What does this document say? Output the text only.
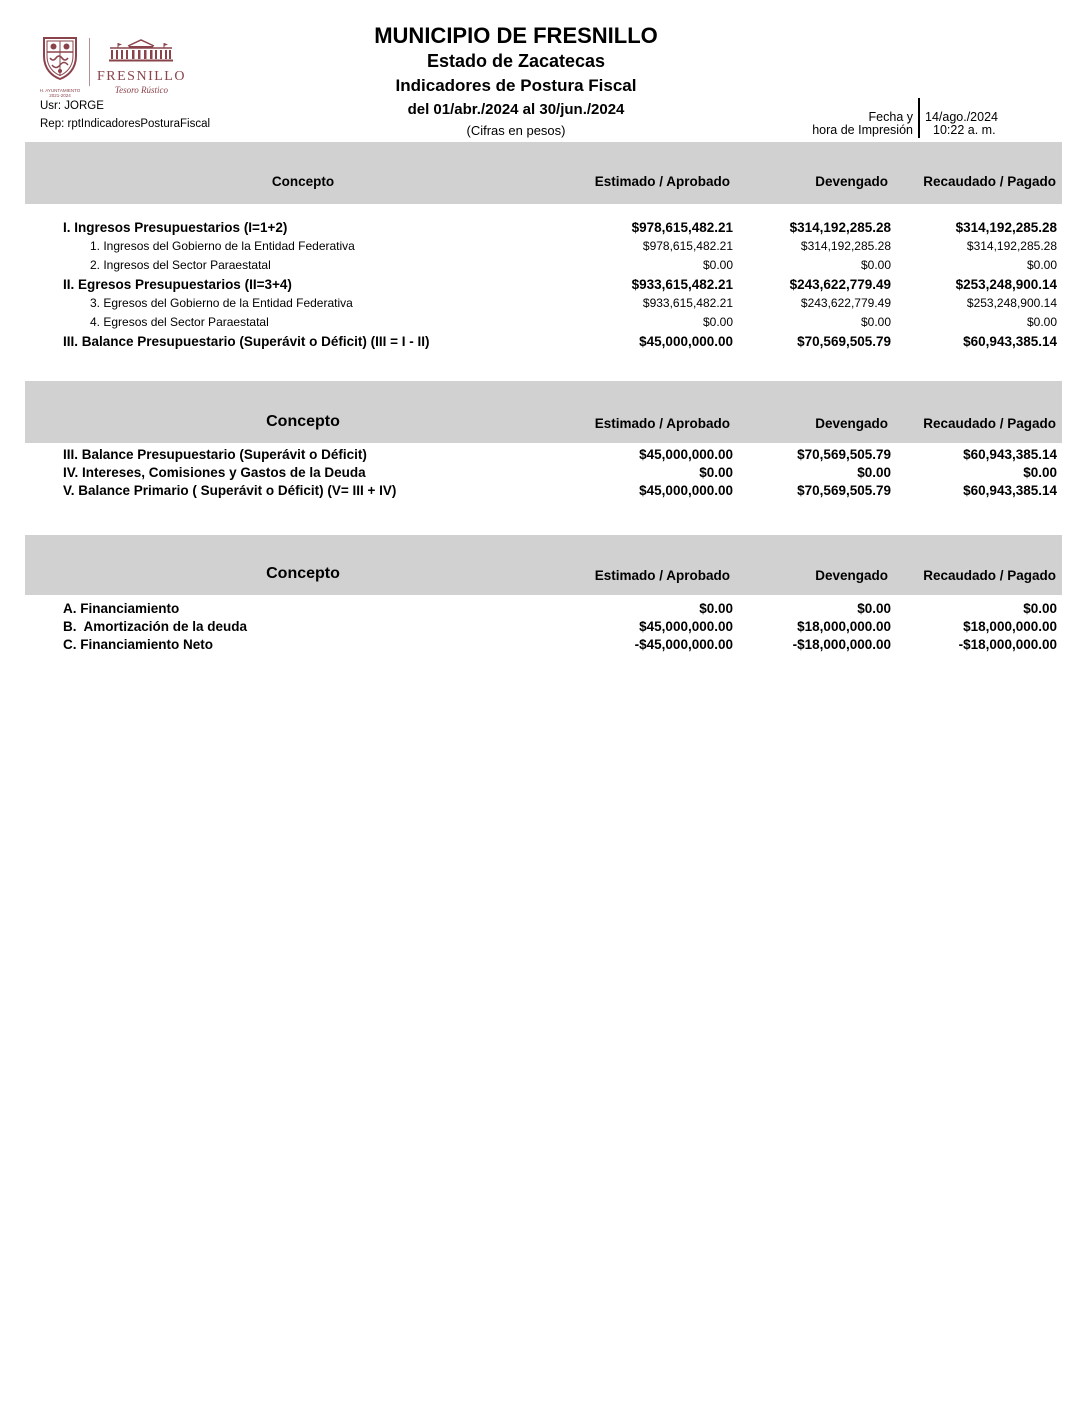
H. AYUNTAMIENTO
2021-2024
FRESNILLO
Tesoro Rústico
MUNICIPIO DE FRESNILLO
Estado de Zacatecas
Indicadores de Postura Fiscal
del 01/abr./2024 al 30/jun./2024
(Cifras en pesos)
Usr: JORGE
Rep: rptIndicadoresPosturaFiscal	Fecha y
hora de Impresión
14/ago./2024
10:22 a. m.
Concepto	Estimado / Aprobado	Devengado	Recaudado / Pagado
I. Ingresos Presupuestarios (I=1+2)	$978,615,482.21	$314,192,285.28	$314,192,285.28
1. Ingresos del Gobierno de la Entidad Federativa	$978,615,482.21	$314,192,285.28	$314,192,285.28
2. Ingresos del Sector Paraestatal	$0.00	$0.00	$0.00
II. Egresos Presupuestarios (II=3+4)	$933,615,482.21	$243,622,779.49	$253,248,900.14
3. Egresos del Gobierno de la Entidad Federativa	$933,615,482.21	$243,622,779.49	$253,248,900.14
4. Egresos del Sector Paraestatal	$0.00	$0.00	$0.00
III. Balance Presupuestario (Superávit o Déficit) (III = I - II)	$45,000,000.00	$70,569,505.79	$60,943,385.14
Concepto	Estimado / Aprobado	Devengado	Recaudado / Pagado
III. Balance Presupuestario (Superávit o Déficit)	$45,000,000.00	$70,569,505.79	$60,943,385.14
IV. Intereses, Comisiones y Gastos de la Deuda	$0.00	$0.00	$0.00
V. Balance Primario ( Superávit o Déficit) (V= III + IV)	$45,000,000.00	$70,569,505.79	$60,943,385.14
Concepto	Estimado / Aprobado	Devengado	Recaudado / Pagado
A. Financiamiento	$0.00	$0.00	$0.00
B.  Amortización de la deuda	$45,000,000.00	$18,000,000.00	$18,000,000.00
C. Financiamiento Neto	-$45,000,000.00	-$18,000,000.00	-$18,000,000.00
